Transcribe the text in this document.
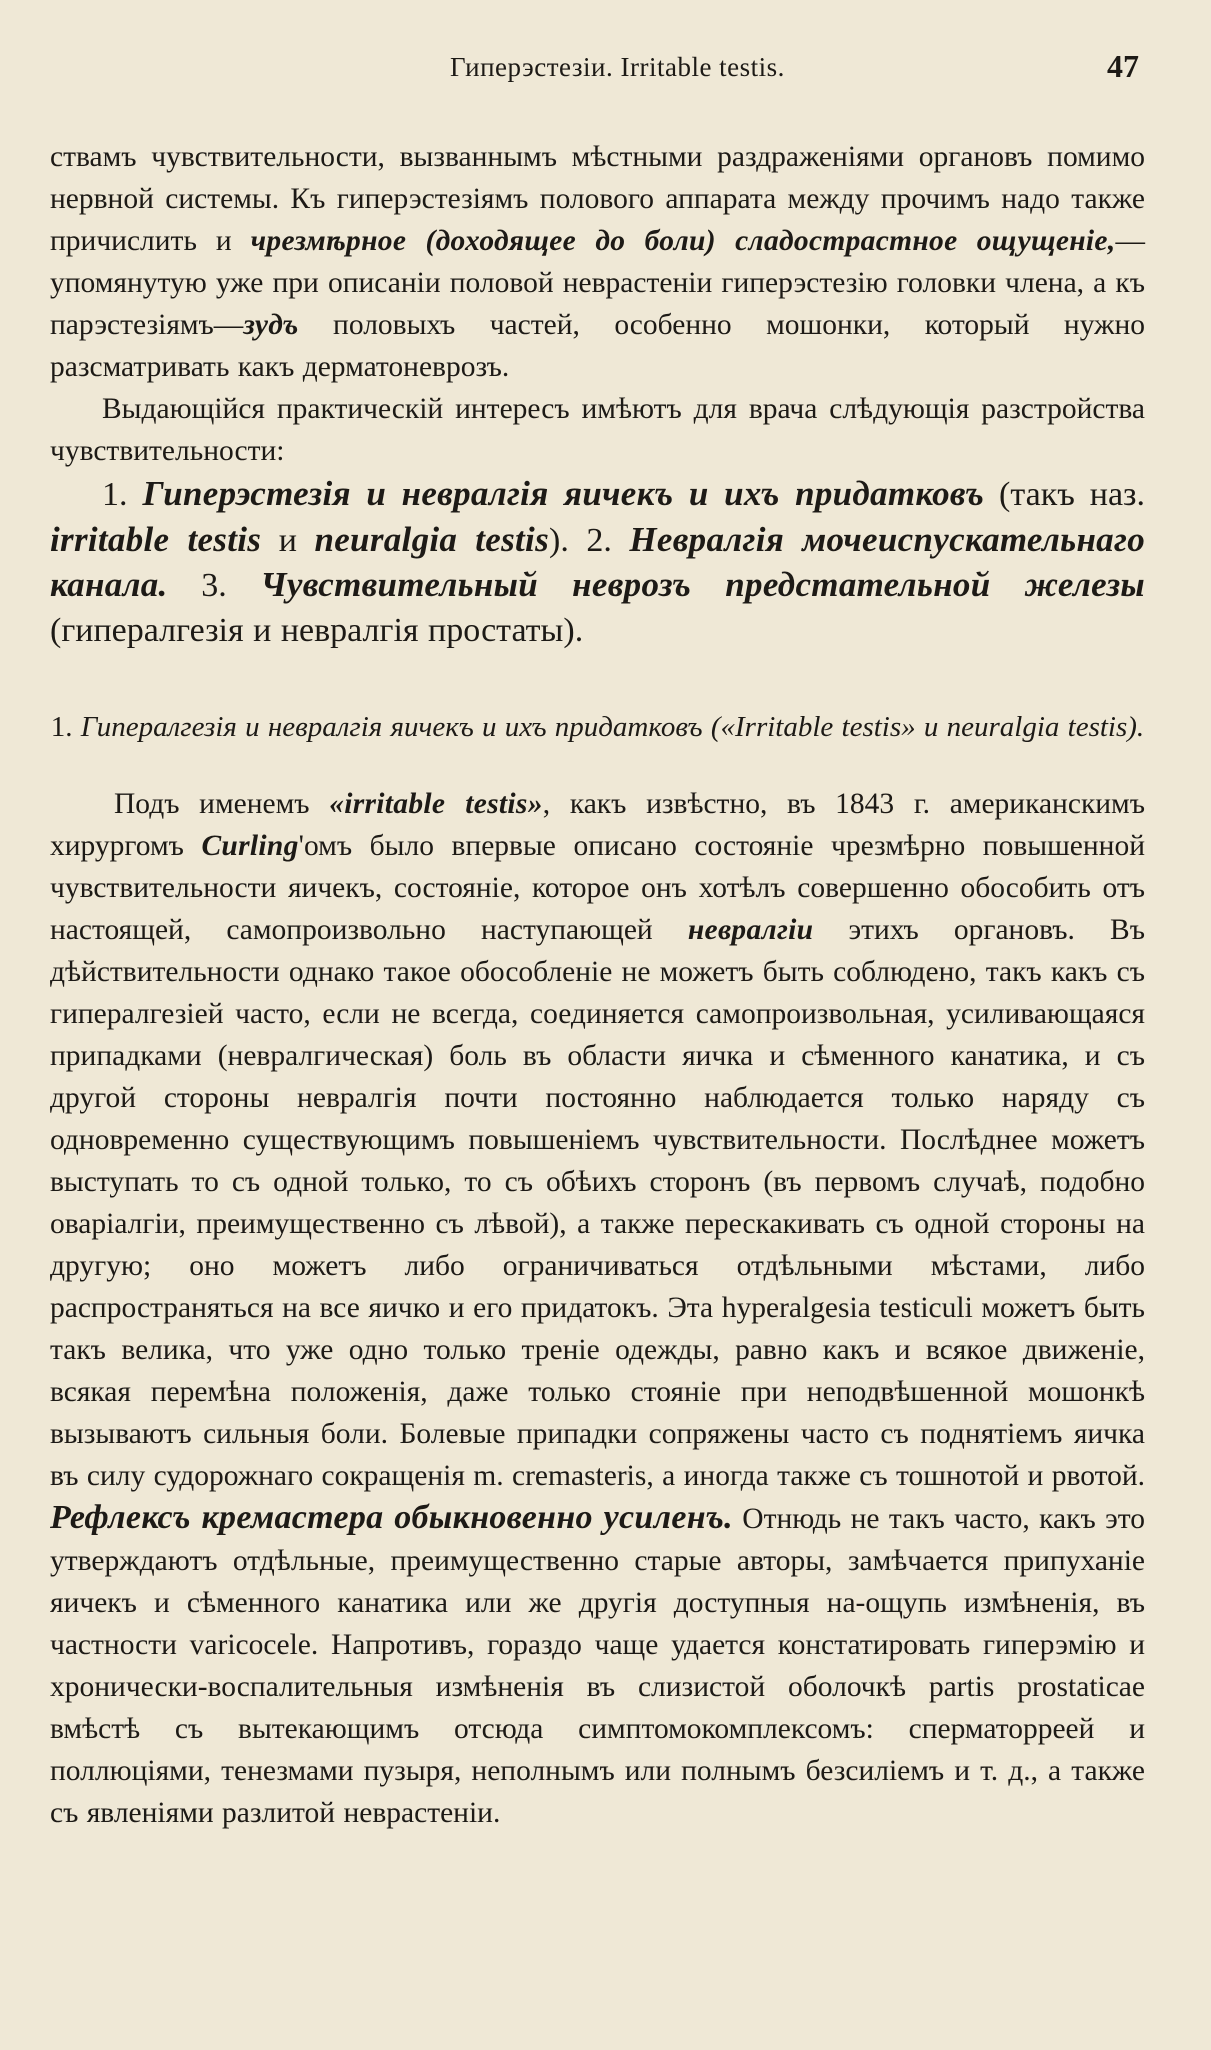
Гиперэстезіи. Irritable testis.	47

ствамъ чувствительности, вызваннымъ мѣстными раздраженіями органовъ помимо нервной системы. Къ гиперэстезіямъ полового аппарата между прочимъ надо также причислить и чрезмѣрное (доходящее до боли) сладострастное ощущеніе,—упомянутую уже при описаніи половой неврастеніи гиперэстезію головки члена, а къ парэстезіямъ—зудъ половыхъ частей, особенно мошонки, который нужно разсматривать какъ дерматоневрозъ.

Выдающійся практическій интересъ имѣютъ для врача слѣдующія разстройства чувствительности:

1. Гиперэстезія и невралгія яичекъ и ихъ придатковъ (такъ наз. irritable testis и neuralgia testis). 2. Невралгія мочеиспускательнаго канала. 3. Чувствительный неврозъ предстательной железы (гипералгезія и невралгія простаты).

1. Гипералгезія и невралгія яичекъ и ихъ придатковъ («Irritable testis» и neuralgia testis).

Подъ именемъ «irritable testis», какъ извѣстно, въ 1843 г. американскимъ хирургомъ Curling'омъ было впервые описано состояніе чрезмѣрно повышенной чувствительности яичекъ, состояніе, которое онъ хотѣлъ совершенно обособить отъ настоящей, самопроизвольно наступающей невралгіи этихъ органовъ. Въ дѣйствительности однако такое обособленіе не можетъ быть соблюдено, такъ какъ съ гипералгезіей часто, если не всегда, соединяется самопроизвольная, усиливающаяся припадками (невралгическая) боль въ области яичка и сѣменного канатика, и съ другой стороны невралгія почти постоянно наблюдается только наряду съ одновременно существующимъ повышеніемъ чувствительности. Послѣднее можетъ выступать то съ одной только, то съ обѣихъ сторонъ (въ первомъ случаѣ, подобно оваріалгіи, преимущественно съ лѣвой), а также перескакивать съ одной стороны на другую; оно можетъ либо ограничиваться отдѣльными мѣстами, либо распространяться на все яичко и его придатокъ. Эта hyperalgesia testiculi можетъ быть такъ велика, что уже одно только треніе одежды, равно какъ и всякое движеніе, всякая перемѣна положенія, даже только стояніе при неподвѣшенной мошонкѣ вызываютъ сильныя боли. Болевые припадки сопряжены часто съ поднятіемъ яичка въ силу судорожнаго сокращенія m. cremasteris, а иногда также съ тошнотой и рвотой. Рефлексъ кремастера обыкновенно усиленъ. Отнюдь не такъ часто, какъ это утверждаютъ отдѣльные, преимущественно старые авторы, замѣчается припуханіе яичекъ и сѣменного канатика или же другія доступныя на-ощупь измѣненія, въ частности varicocele. Напротивъ, гораздо чаще удается констатировать гиперэмію и хронически-воспалительныя измѣненія въ слизистой оболочкѣ partis prostaticae вмѣстѣ съ вытекающимъ отсюда симптомокомплексомъ: сперматорреей и поллюціями, тенезмами пузыря, неполнымъ или полнымъ безсиліемъ и т. д., а также съ явленіями разлитой неврастеніи.
